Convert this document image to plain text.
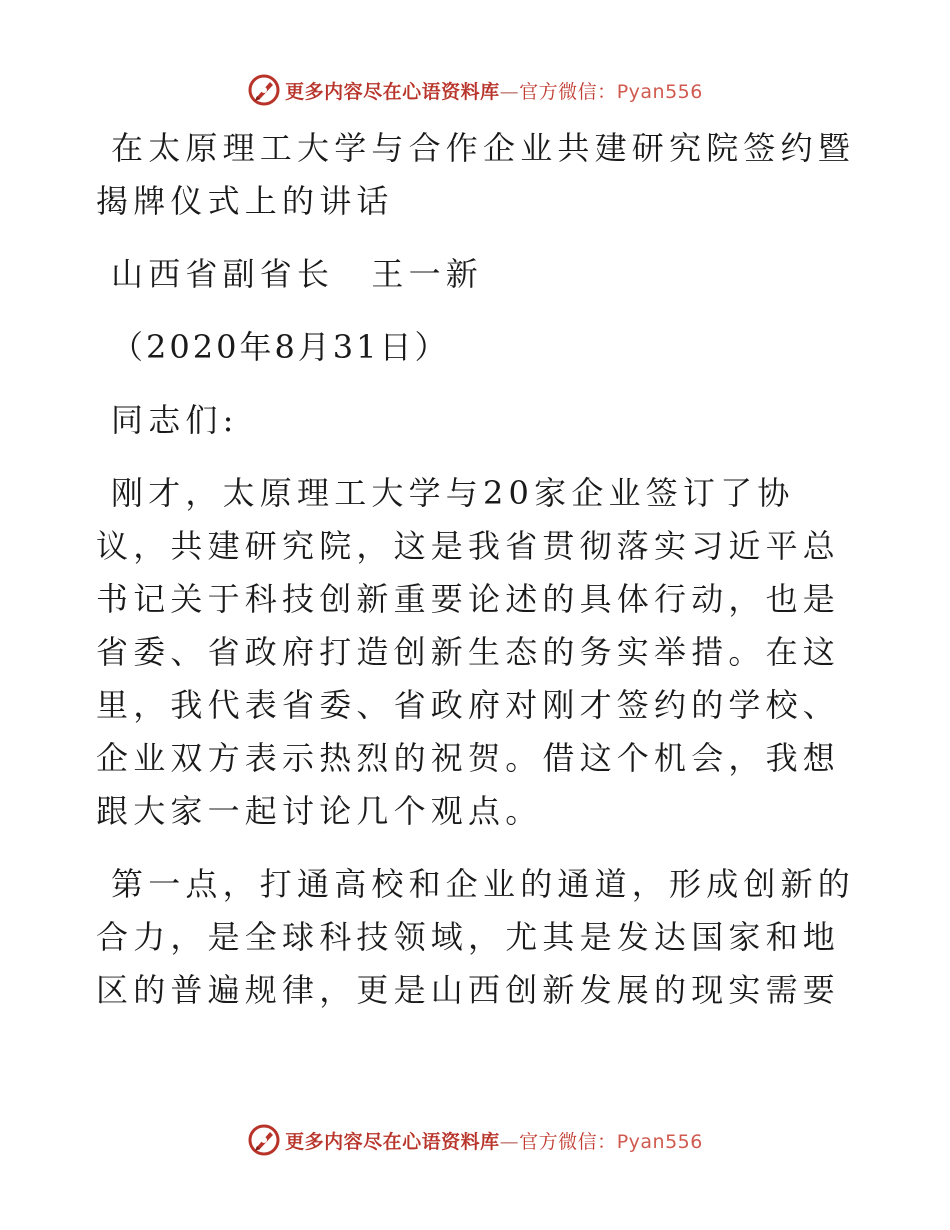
更多内容尽在心语资料库—官方微信：Pyan556

在太原理工大学与合作企业共建研究院签约暨揭牌仪式上的讲话

山西省副省长　王一新

（2020年8月31日）

同志们:

刚才，太原理工大学与20家企业签订了协议，共建研究院，这是我省贯彻落实习近平总书记关于科技创新重要论述的具体行动，也是省委、省政府打造创新生态的务实举措。在这里，我代表省委、省政府对刚才签约的学校、企业双方表示热烈的祝贺。借这个机会，我想跟大家一起讨论几个观点。

第一点，打通高校和企业的通道，形成创新的合力，是全球科技领域，尤其是发达国家和地区的普遍规律，更是山西创新发展的现实需要

更多内容尽在心语资料库—官方微信：Pyan556
